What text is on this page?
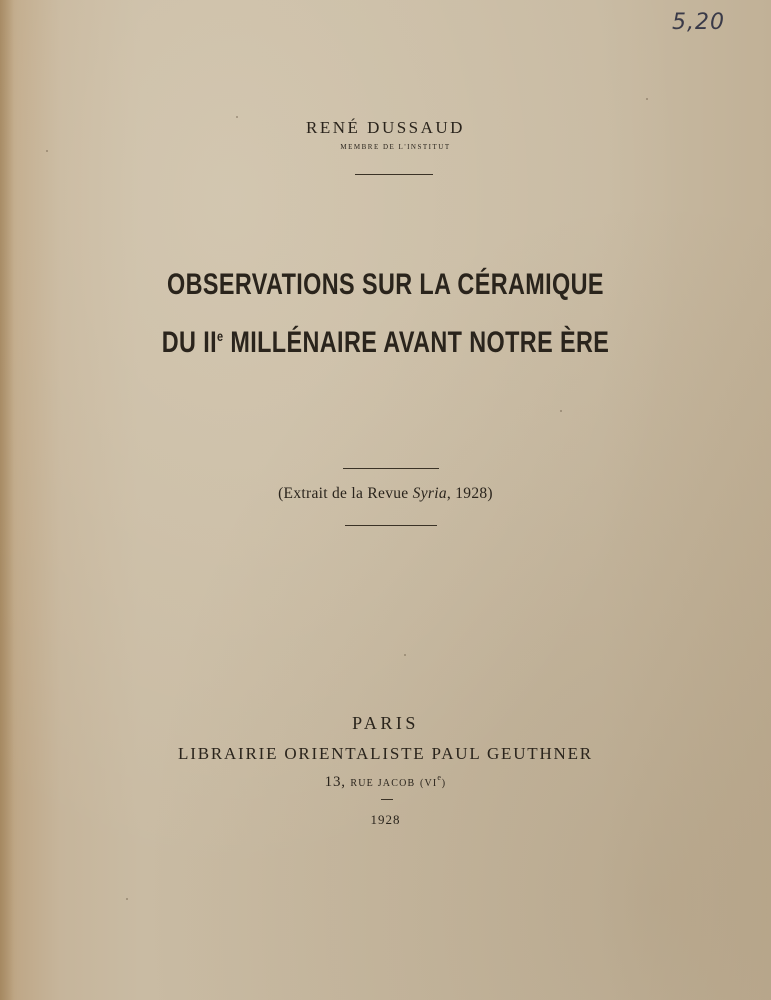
5,20
RENÉ DUSSAUD
MEMBRE DE L'INSTITUT
OBSERVATIONS SUR LA CÉRAMIQUE
DU IIe MILLÉNAIRE AVANT NOTRE ÈRE
(Extrait de la Revue Syria, 1928)
PARIS
LIBRAIRIE ORIENTALISTE PAUL GEUTHNER
13, RUE JACOB (VIe)
1928
